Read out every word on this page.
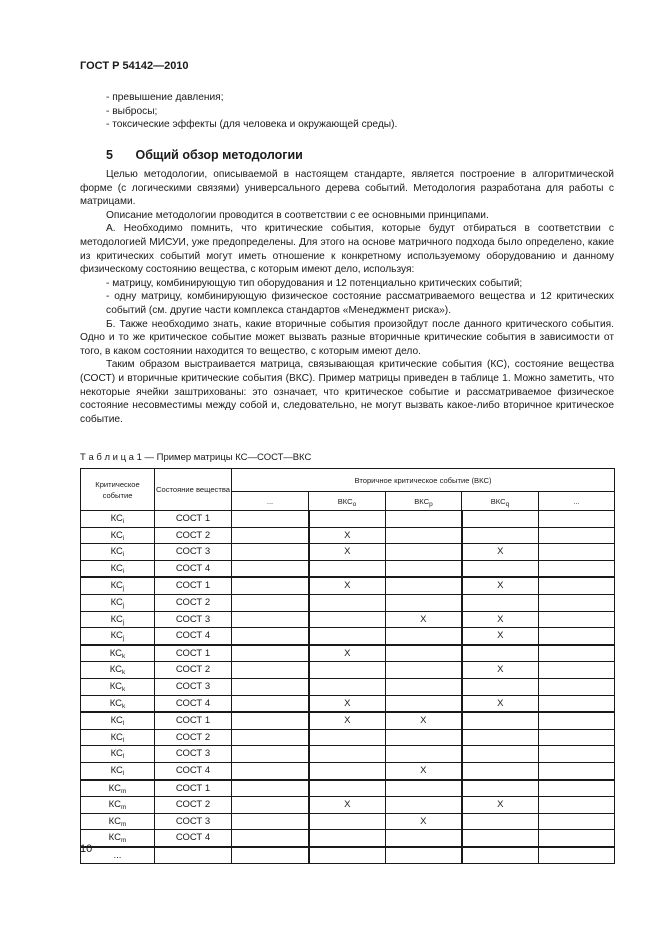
ГОСТ Р 54142—2010
- превышение давления;
- выбросы;
- токсические эффекты (для человека и окружающей среды).
5 Общий обзор методологии

Целью методологии, описываемой в настоящем стандарте, является построение в алгоритмической форме (с логическими связями) универсального дерева событий. Методология разработана для работы с матрицами.

Описание методологии проводится в соответствии с ее основными принципами.

А. Необходимо помнить, что критические события, которые будут отбираться в соответствии с методологией МИСУИ, уже предопределены. Для этого на основе матричного подхода было определено, какие из критических событий могут иметь отношение к конкретному используемому оборудованию и данному физическому состоянию вещества, с которым имеют дело, используя:

- матрицу, комбинирующую тип оборудования и 12 потенциально критических событий;

- одну матрицу, комбинирующую физическое состояние рассматриваемого вещества и 12 критических событий (см. другие части комплекса стандартов «Менеджмент риска»).

Б. Также необходимо знать, какие вторичные события произойдут после данного критического события. Одно и то же критическое событие может вызвать разные вторичные критические события в зависимости от того, в каком состоянии находится то вещество, с которым имеют дело.

Таким образом выстраивается матрица, связывающая критические события (КС), состояние вещества (СОСТ) и вторичные критические события (ВКС). Пример матрицы приведен в таблице 1. Можно заметить, что некоторые ячейки заштрихованы: это означает, что критическое событие и рассматриваемое физическое состояние несовместимы между собой и, следовательно, не могут вызвать какое-либо вторичное критическое событие.

Т а б л и ц а 1 — Пример матрицы КС—СОСТ—ВКС
Критическое событие	Состояние вещества	Вторичное критическое событие (ВКС)				
		...	$ВКС_o$	$ВКС_p$	$ВКС_q$	...
$КС_i$	СОСТ 1					
$КС_i$	СОСТ 2		X			
$КС_i$	СОСТ 3		X		X	
$КС_i$	СОСТ 4					
$КС_j$	СОСТ 1		X		X	
$КС_j$	СОСТ 2					
$КС_j$	СОСТ 3			X	X	
$КС_j$	СОСТ 4				X	
$КС_k$	СОСТ 1		X			
$КС_k$	СОСТ 2				X	
$КС_k$	СОСТ 3					
$КС_k$	СОСТ 4		X		X	
$КС_l$	СОСТ 1		X	X		
$КС_l$	СОСТ 2					
$КС_l$	СОСТ 3					
$КС_l$	СОСТ 4			X		
$КС_m$	СОСТ 1					
$КС_m$	СОСТ 2		X		X	
$КС_m$	СОСТ 3			X		
$КС_m$	СОСТ 4					
...						
10
